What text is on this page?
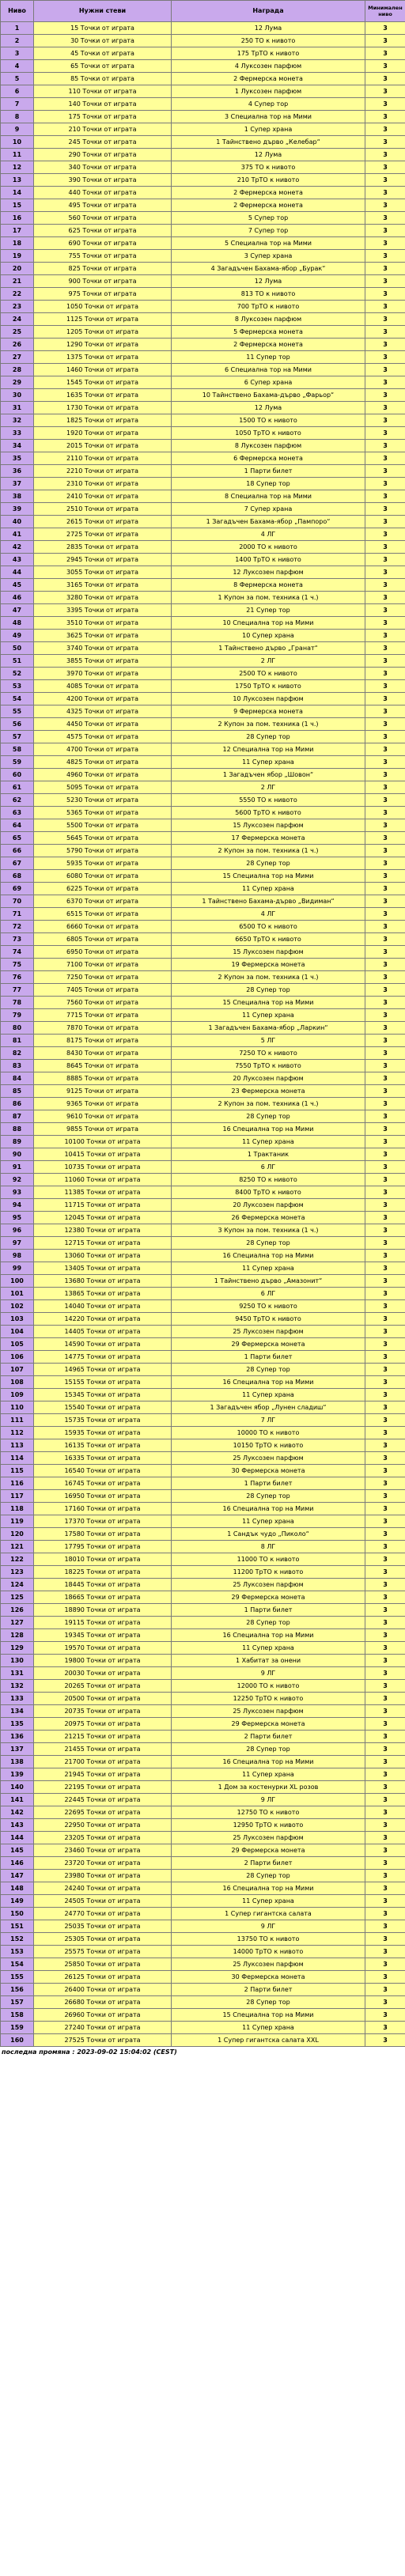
Ниво	Нужни стеви	Награда	Минимален ниво
1	15 Точки от играта	12 Лума	3
2	30 Точки от играта	250 TO к нивото	3
3	45 Точки от играта	175 ТрТО к нивото	3
4	65 Точки от играта	4 Луксозен парфюм	3
5	85 Точки от играта	2 Фермерска монета	3
6	110 Точки от играта	1 Луксозен парфюм	3
7	140 Точки от играта	4 Супер тор	3
8	175 Точки от играта	3 Специална тор на Мими	3
9	210 Точки от играта	1 Супер храна	3
10	245 Точки от играта	1 Тайнствено дърво „Келебар“	3
11	290 Точки от играта	12 Лума	3
12	340 Точки от играта	375 TO к нивото	3
13	390 Точки от играта	210 ТрТО к нивото	3
14	440 Точки от играта	2 Фермерска монета	3
15	495 Точки от играта	2 Фермерска монета	3
16	560 Точки от играта	5 Супер тор	3
17	625 Точки от играта	7 Супер тор	3
18	690 Точки от играта	5 Специална тор на Мими	3
19	755 Точки от играта	3 Супер храна	3
20	825 Точки от играта	4 Загадъчен Бахама-ябор „Бурак“	3
21	900 Точки от играта	12 Лума	3
22	975 Точки от играта	813 TO к нивото	3
23	1050 Точки от играта	700 ТрТО к нивото	3
24	1125 Точки от играта	8 Луксозен парфюм	3
25	1205 Точки от играта	5 Фермерска монета	3
26	1290 Точки от играта	2 Фермерска монета	3
27	1375 Точки от играта	11 Супер тор	3
28	1460 Точки от играта	6 Специална тор на Мими	3
29	1545 Точки от играта	6 Супер храна	3
30	1635 Точки от играта	10 Тайнствено Бахама-дърво „Фарьор“	3
31	1730 Точки от играта	12 Лума	3
32	1825 Точки от играта	1500 TO к нивото	3
33	1920 Точки от играта	1050 ТрТО к нивото	3
34	2015 Точки от играта	8 Луксозен парфюм	3
35	2110 Точки от играта	6 Фермерска монета	3
36	2210 Точки от играта	1 Парти билет	3
37	2310 Точки от играта	18 Супер тор	3
38	2410 Точки от играта	8 Специална тор на Мими	3
39	2510 Точки от играта	7 Супер храна	3
40	2615 Точки от играта	1 Загадъчен Бахама-ябор „Пампоро“	3
41	2725 Точки от играта	4 ЛГ	3
42	2835 Точки от играта	2000 TO к нивото	3
43	2945 Точки от играта	1400 ТрТО к нивото	3
44	3055 Точки от играта	12 Луксозен парфюм	3
45	3165 Точки от играта	8 Фермерска монета	3
46	3280 Точки от играта	1 Купон за пом. техника (1 ч.)	3
47	3395 Точки от играта	21 Супер тор	3
48	3510 Точки от играта	10 Специална тор на Мими	3
49	3625 Точки от играта	10 Супер храна	3
50	3740 Точки от играта	1 Тайнствено дърво „Гранат“	3
51	3855 Точки от играта	2 ЛГ	3
52	3970 Точки от играта	2500 TO к нивото	3
53	4085 Точки от играта	1750 ТрТО к нивото	3
54	4200 Точки от играта	10 Луксозен парфюм	3
55	4325 Точки от играта	9 Фермерска монета	3
56	4450 Точки от играта	2 Купон за пом. техника (1 ч.)	3
57	4575 Точки от играта	28 Супер тор	3
58	4700 Точки от играта	12 Специална тор на Мими	3
59	4825 Точки от играта	11 Супер храна	3
60	4960 Точки от играта	1 Загадъчен ябор „Шовон“	3
61	5095 Точки от играта	2 ЛГ	3
62	5230 Точки от играта	5550 TO к нивото	3
63	5365 Точки от играта	5600 ТрТО к нивото	3
64	5500 Точки от играта	15 Луксозен парфюм	3
65	5645 Точки от играта	17 Фермерска монета	3
66	5790 Точки от играта	2 Купон за пом. техника (1 ч.)	3
67	5935 Точки от играта	28 Супер тор	3
68	6080 Точки от играта	15 Специална тор на Мими	3
69	6225 Точки от играта	11 Супер храна	3
70	6370 Точки от играта	1 Тайнствено Бахама-дърво „Видиман“	3
71	6515 Точки от играта	4 ЛГ	3
72	6660 Точки от играта	6500 TO к нивото	3
73	6805 Точки от играта	6650 ТрТО к нивото	3
74	6950 Точки от играта	15 Луксозен парфюм	3
75	7100 Точки от играта	19 Фермерска монета	3
76	7250 Точки от играта	2 Купон за пом. техника (1 ч.)	3
77	7405 Точки от играта	28 Супер тор	3
78	7560 Точки от играта	15 Специална тор на Мими	3
79	7715 Точки от играта	11 Супер храна	3
80	7870 Точки от играта	1 Загадъчен Бахама-ябор „Ларкин“	3
81	8175 Точки от играта	5 ЛГ	3
82	8430 Точки от играта	7250 TO к нивото	3
83	8645 Точки от играта	7550 ТрТО к нивото	3
84	8885 Точки от играта	20 Луксозен парфюм	3
85	9125 Точки от играта	23 Фермерска монета	3
86	9365 Точки от играта	2 Купон за пом. техника (1 ч.)	3
87	9610 Точки от играта	28 Супер тор	3
88	9855 Точки от играта	16 Специална тор на Мими	3
89	10100 Точки от играта	11 Супер храна	3
90	10415 Точки от играта	1 Трактаник	3
91	10735 Точки от играта	6 ЛГ	3
92	11060 Точки от играта	8250 TO к нивото	3
93	11385 Точки от играта	8400 ТрТО к нивото	3
94	11715 Точки от играта	20 Луксозен парфюм	3
95	12045 Точки от играта	26 Фермерска монета	3
96	12380 Точки от играта	3 Купон за пом. техника (1 ч.)	3
97	12715 Точки от играта	28 Супер тор	3
98	13060 Точки от играта	16 Специална тор на Мими	3
99	13405 Точки от играта	11 Супер храна	3
100	13680 Точки от играта	1 Тайнствено дърво „Амазонит“	3
101	13865 Точки от играта	6 ЛГ	3
102	14040 Точки от играта	9250 TO к нивото	3
103	14220 Точки от играта	9450 ТрТО к нивото	3
104	14405 Точки от играта	25 Луксозен парфюм	3
105	14590 Точки от играта	29 Фермерска монета	3
106	14775 Точки от играта	1 Парти билет	3
107	14965 Точки от играта	28 Супер тор	3
108	15155 Точки от играта	16 Специална тор на Мими	3
109	15345 Точки от играта	11 Супер храна	3
110	15540 Точки от играта	1 Загадъчен ябор „Лунен сладиш“	3
111	15735 Точки от играта	7 ЛГ	3
112	15935 Точки от играта	10000 TO к нивото	3
113	16135 Точки от играта	10150 ТрТО к нивото	3
114	16335 Точки от играта	25 Луксозен парфюм	3
115	16540 Точки от играта	30 Фермерска монета	3
116	16745 Точки от играта	1 Парти билет	3
117	16950 Точки от играта	28 Супер тор	3
118	17160 Точки от играта	16 Специална тор на Мими	3
119	17370 Точки от играта	11 Супер храна	3
120	17580 Точки от играта	1 Сандък чудо „Пиколо“	3
121	17795 Точки от играта	8 ЛГ	3
122	18010 Точки от играта	11000 TO к нивото	3
123	18225 Точки от играта	11200 ТрТО к нивото	3
124	18445 Точки от играта	25 Луксозен парфюм	3
125	18665 Точки от играта	29 Фермерска монета	3
126	18890 Точки от играта	1 Парти билет	3
127	19115 Точки от играта	28 Супер тор	3
128	19345 Точки от играта	16 Специална тор на Мими	3
129	19570 Точки от играта	11 Супер храна	3
130	19800 Точки от играта	1 Хабитат за онени	3
131	20030 Точки от играта	9 ЛГ	3
132	20265 Точки от играта	12000 TO к нивото	3
133	20500 Точки от играта	12250 ТрТО к нивото	3
134	20735 Точки от играта	25 Луксозен парфюм	3
135	20975 Точки от играта	29 Фермерска монета	3
136	21215 Точки от играта	2 Парти билет	3
137	21455 Точки от играта	28 Супер тор	3
138	21700 Точки от играта	16 Специална тор на Мими	3
139	21945 Точки от играта	11 Супер храна	3
140	22195 Точки от играта	1 Дом за костенурки XL розов	3
141	22445 Точки от играта	9 ЛГ	3
142	22695 Точки от играта	12750 TO к нивото	3
143	22950 Точки от играта	12950 ТрТО к нивото	3
144	23205 Точки от играта	25 Луксозен парфюм	3
145	23460 Точки от играта	29 Фермерска монета	3
146	23720 Точки от играта	2 Парти билет	3
147	23980 Точки от играта	28 Супер тор	3
148	24240 Точки от играта	16 Специална тор на Мими	3
149	24505 Точки от играта	11 Супер храна	3
150	24770 Точки от играта	1 Супер гигантска салата	3
151	25035 Точки от играта	9 ЛГ	3
152	25305 Точки от играта	13750 TO к нивото	3
153	25575 Точки от играта	14000 ТрТО к нивото	3
154	25850 Точки от играта	25 Луксозен парфюм	3
155	26125 Точки от играта	30 Фермерска монета	3
156	26400 Точки от играта	2 Парти билет	3
157	26680 Точки от играта	28 Супер тор	3
158	26960 Точки от играта	15 Специална тор на Мими	3
159	27240 Точки от играта	11 Супер храна	3
160	27525 Точки от играта	1 Супер гигантска салата XXL	3
последна промяна : 2023-09-02 15:04:02 (CEST)
